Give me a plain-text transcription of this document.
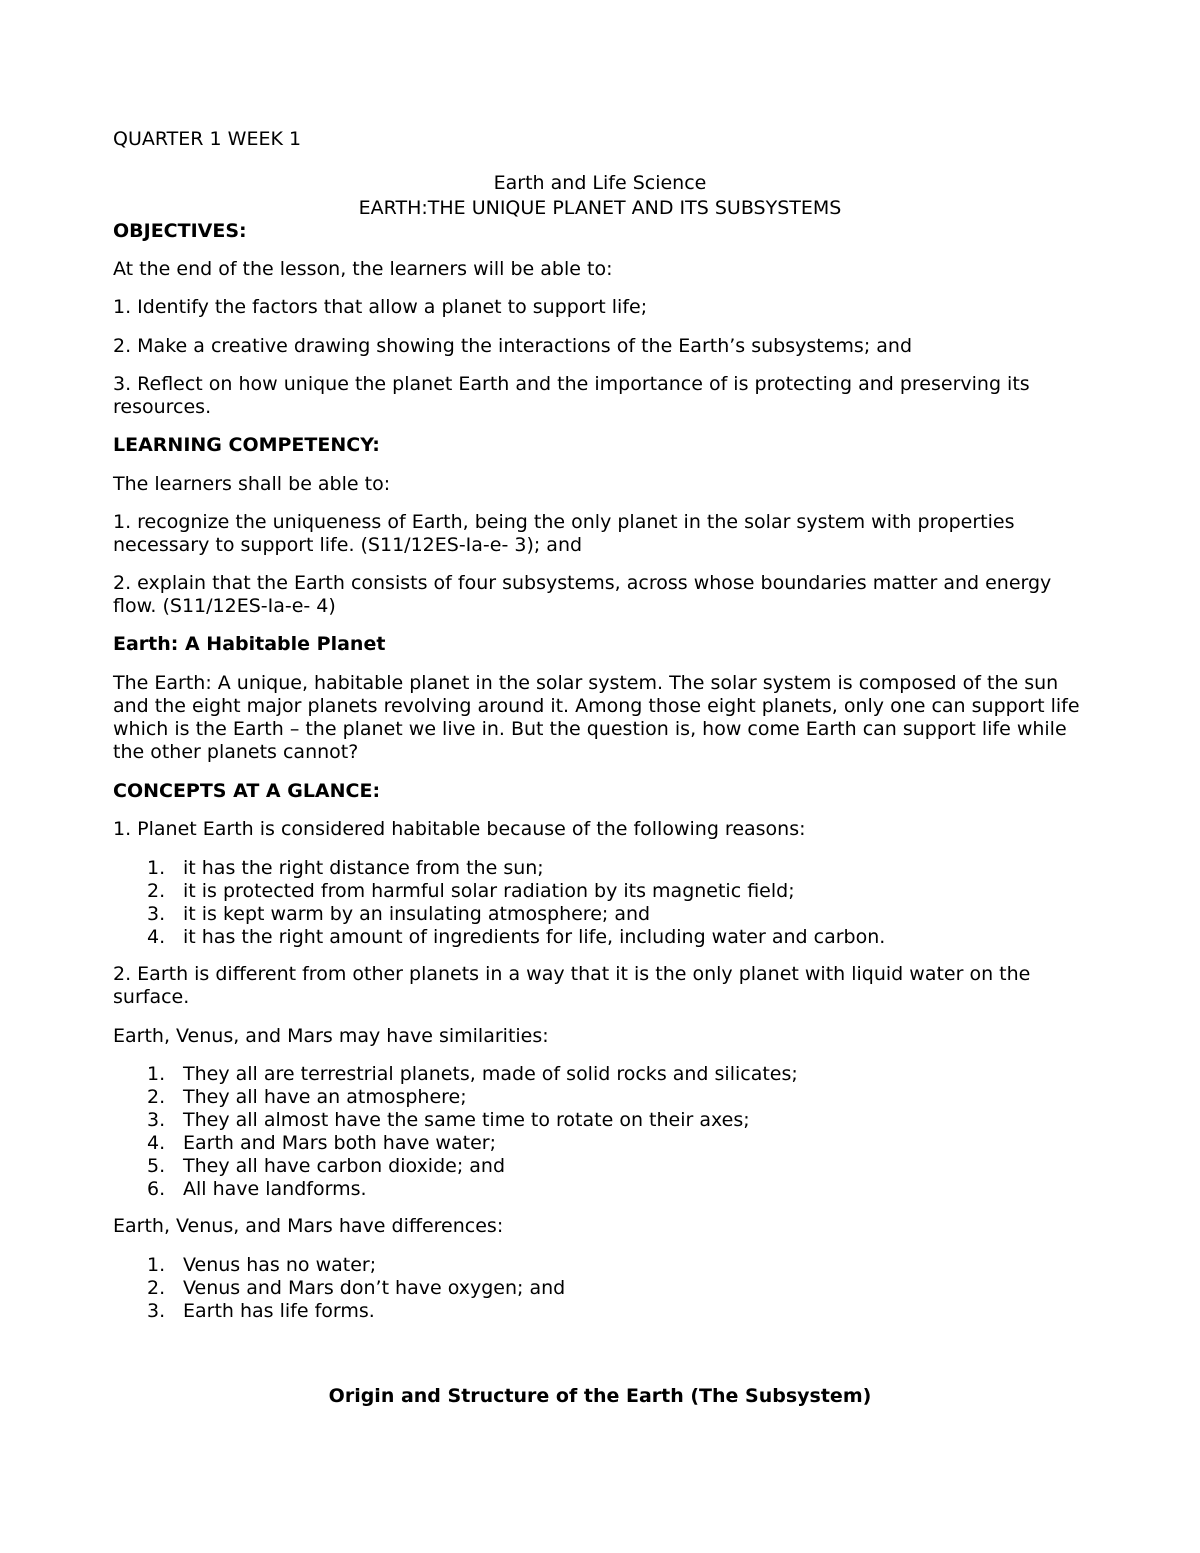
QUARTER 1 WEEK 1

Earth and Life Science

EARTH:THE UNIQUE PLANET AND ITS SUBSYSTEMS

OBJECTIVES:

At the end of the lesson, the learners will be able to:

1. Identify the factors that allow a planet to support life;

2. Make a creative drawing showing the interactions of the Earth’s subsystems; and

3. Reflect on how unique the planet Earth and the importance of is protecting and preserving its resources.

LEARNING COMPETENCY:

The learners shall be able to:

1. recognize the uniqueness of Earth, being the only planet in the solar system with properties necessary to support life. (S11/12ES-Ia-e- 3); and

2. explain that the Earth consists of four subsystems, across whose boundaries matter and energy flow. (S11/12ES-Ia-e- 4)

Earth: A Habitable Planet

The Earth: A unique, habitable planet in the solar system. The solar system is composed of the sun and the eight major planets revolving around it. Among those eight planets, only one can support life which is the Earth – the planet we live in. But the question is, how come Earth can support life while the other planets cannot?

CONCEPTS AT A GLANCE:

1. Planet Earth is considered habitable because of the following reasons:

1. it has the right distance from the sun;
2. it is protected from harmful solar radiation by its magnetic field;
3. it is kept warm by an insulating atmosphere; and
4. it has the right amount of ingredients for life, including water and carbon.

2. Earth is different from other planets in a way that it is the only planet with liquid water on the surface.

Earth, Venus, and Mars may have similarities:

1. They all are terrestrial planets, made of solid rocks and silicates;
2. They all have an atmosphere;
3. They all almost have the same time to rotate on their axes;
4. Earth and Mars both have water;
5. They all have carbon dioxide; and
6. All have landforms.

Earth, Venus, and Mars have differences:

1. Venus has no water;
2. Venus and Mars don’t have oxygen; and
3. Earth has life forms.

Origin and Structure of the Earth (The Subsystem)
